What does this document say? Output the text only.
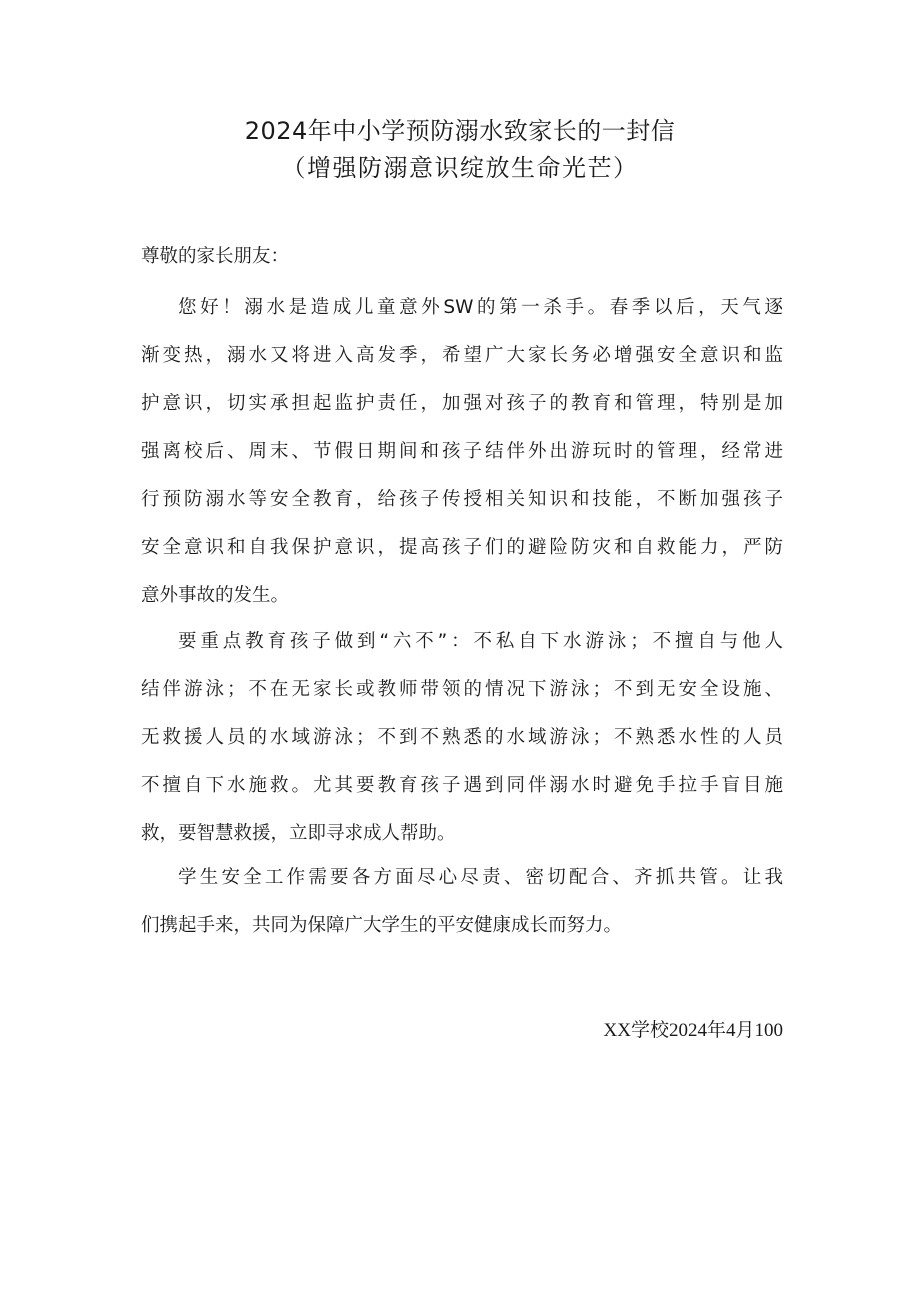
2024年中小学预防溺水致家长的一封信
（增强防溺意识绽放生命光芒）
尊敬的家长朋友：
您好！溺水是造成儿童意外SW的第一杀手。春季以后，天气逐
渐变热，溺水又将进入高发季，希望广大家长务必增强安全意识和监
护意识，切实承担起监护责任，加强对孩子的教育和管理，特别是加
强离校后、周末、节假日期间和孩子结伴外出游玩时的管理，经常进
行预防溺水等安全教育，给孩子传授相关知识和技能，不断加强孩子
安全意识和自我保护意识，提高孩子们的避险防灾和自救能力，严防
意外事故的发生。
要重点教育孩子做到“六不”：不私自下水游泳；不擅自与他人
结伴游泳；不在无家长或教师带领的情况下游泳；不到无安全设施、
无救援人员的水域游泳；不到不熟悉的水域游泳；不熟悉水性的人员
不擅自下水施救。尤其要教育孩子遇到同伴溺水时避免手拉手盲目施
救，要智慧救援，立即寻求成人帮助。
学生安全工作需要各方面尽心尽责、密切配合、齐抓共管。让我
们携起手来，共同为保障广大学生的平安健康成长而努力。
XX学校2024年4月100
